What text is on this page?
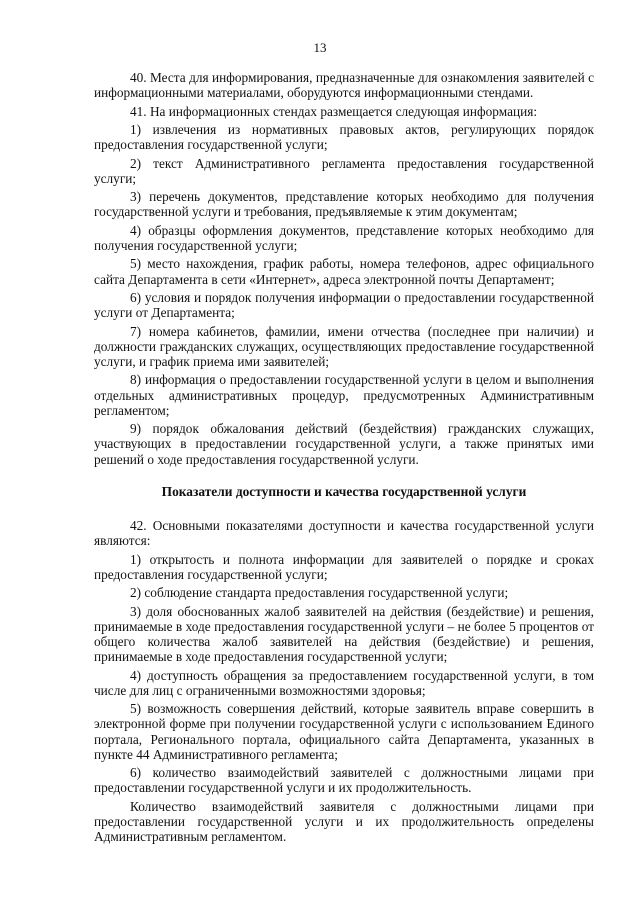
13

40. Места для информирования, предназначенные для ознакомления заявителей с информационными материалами, оборудуются информационными стендами.

41. На информационных стендах размещается следующая информация:

1) извлечения из нормативных правовых актов, регулирующих порядок предоставления государственной услуги;

2) текст Административного регламента предоставления государственной услуги;

3) перечень документов, представление которых необходимо для получения государственной услуги и требования, предъявляемые к этим документам;

4) образцы оформления документов, представление которых необходимо для получения государственной услуги;

5) место нахождения, график работы, номера телефонов, адрес официального сайта Департамента в сети «Интернет», адреса электронной почты Департамент;

6) условия и порядок получения информации о предоставлении государственной услуги от Департамента;

7) номера кабинетов, фамилии, имени отчества (последнее при наличии) и должности гражданских служащих, осуществляющих предоставление государственной услуги, и график приема ими заявителей;

8) информация о предоставлении государственной услуги в целом и выполнения отдельных административных процедур, предусмотренных Административным регламентом;

9) порядок обжалования действий (бездействия) гражданских служащих, участвующих в предоставлении государственной услуги, а также принятых ими решений о ходе предоставления государственной услуги.

Показатели доступности и качества государственной услуги

42. Основными показателями доступности и качества государственной услуги являются:

1) открытость и полнота информации для заявителей о порядке и сроках предоставления государственной услуги;

2) соблюдение стандарта предоставления государственной услуги;

3) доля обоснованных жалоб заявителей на действия (бездействие) и решения, принимаемые в ходе предоставления государственной услуги – не более 5 процентов от общего количества жалоб заявителей на действия (бездействие) и решения, принимаемые в ходе предоставления государственной услуги;

4) доступность обращения за предоставлением государственной услуги, в том числе для лиц с ограниченными возможностями здоровья;

5) возможность совершения действий, которые заявитель вправе совершить в электронной форме при получении государственной услуги с использованием Единого портала, Регионального портала, официального сайта Департамента, указанных в пункте 44 Административного регламента;

6) количество взаимодействий заявителей с должностными лицами при предоставлении государственной услуги и их продолжительность.

Количество взаимодействий заявителя с должностными лицами при предоставлении государственной услуги и их продолжительность определены Административным регламентом.
